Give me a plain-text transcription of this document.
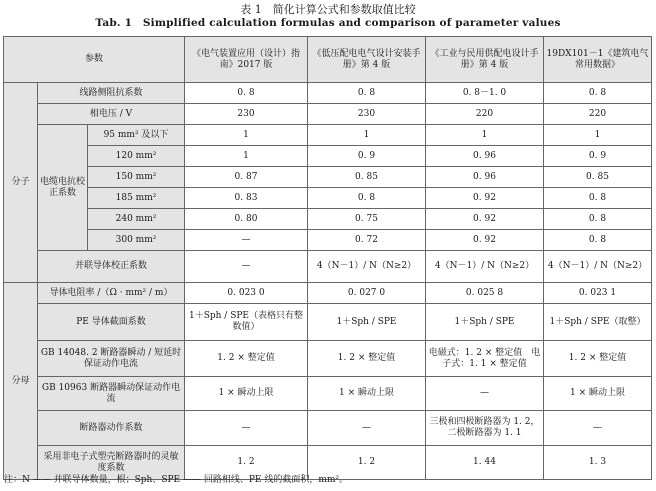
表 1　简化计算公式和参数取值比较
Tab. 1　Simplified calculation formulas and comparison of parameter values
参数			《电气装置应用（设计）指南》2017 版	《低压配电电气设计安装手册》第 4 版	《工业与民用供配电设计手册》第 4 版	19DX101－1《建筑电气常用数据》
分子	线路侧阻抗系数		0. 8	0. 8	0. 8－1. 0	0. 8
	相电压 / V		230	230	220	220
	电缆电抗校正系数	95 mm² 及以下	1	1	1	1
		120 mm²	1	0. 9	0. 96	0. 9
		150 mm²	0. 87	0. 85	0. 96	0. 85
		185 mm²	0. 83	0. 8	0. 92	0. 8
		240 mm²	0. 80	0. 75	0. 92	0. 8
		300 mm²	—	0. 72	0. 92	0. 8
	并联导体校正系数		—	4（N－1）/ N（N≥2）	4（N－1）/ N（N≥2）	4（N－1）/ N（N≥2）
分母	导体电阻率 /（Ω · mm² / m）		0. 023 0	0. 027 0	0. 025 8	0. 023 1
	PE 导体截面系数		1＋Sph / SPE（表格只有整数值）	1＋Sph / SPE	1＋Sph / SPE	1＋Sph / SPE（取整）
	GB 14048. 2 断路器瞬动 / 短延时保证动作电流		1. 2 × 整定值	1. 2 × 整定值	电磁式：1. 2 × 整定值　电子式：1. 1 × 整定值	1. 2 × 整定值
	GB 10963 断路器瞬动保证动作电流		1 × 瞬动上限	1 × 瞬动上限	—	1 × 瞬动上限
	断路器动作系数		—	—	三极和四极断路器为 1. 2，二极断路器为 1. 1	—
	采用非电子式塑壳断路器时的灵敏度系数		1. 2	1. 2	1. 44	1. 3
注：N —— 并联导体数量，根；Sph、SPE —— 回路相线、PE 线的截面积，mm²。
